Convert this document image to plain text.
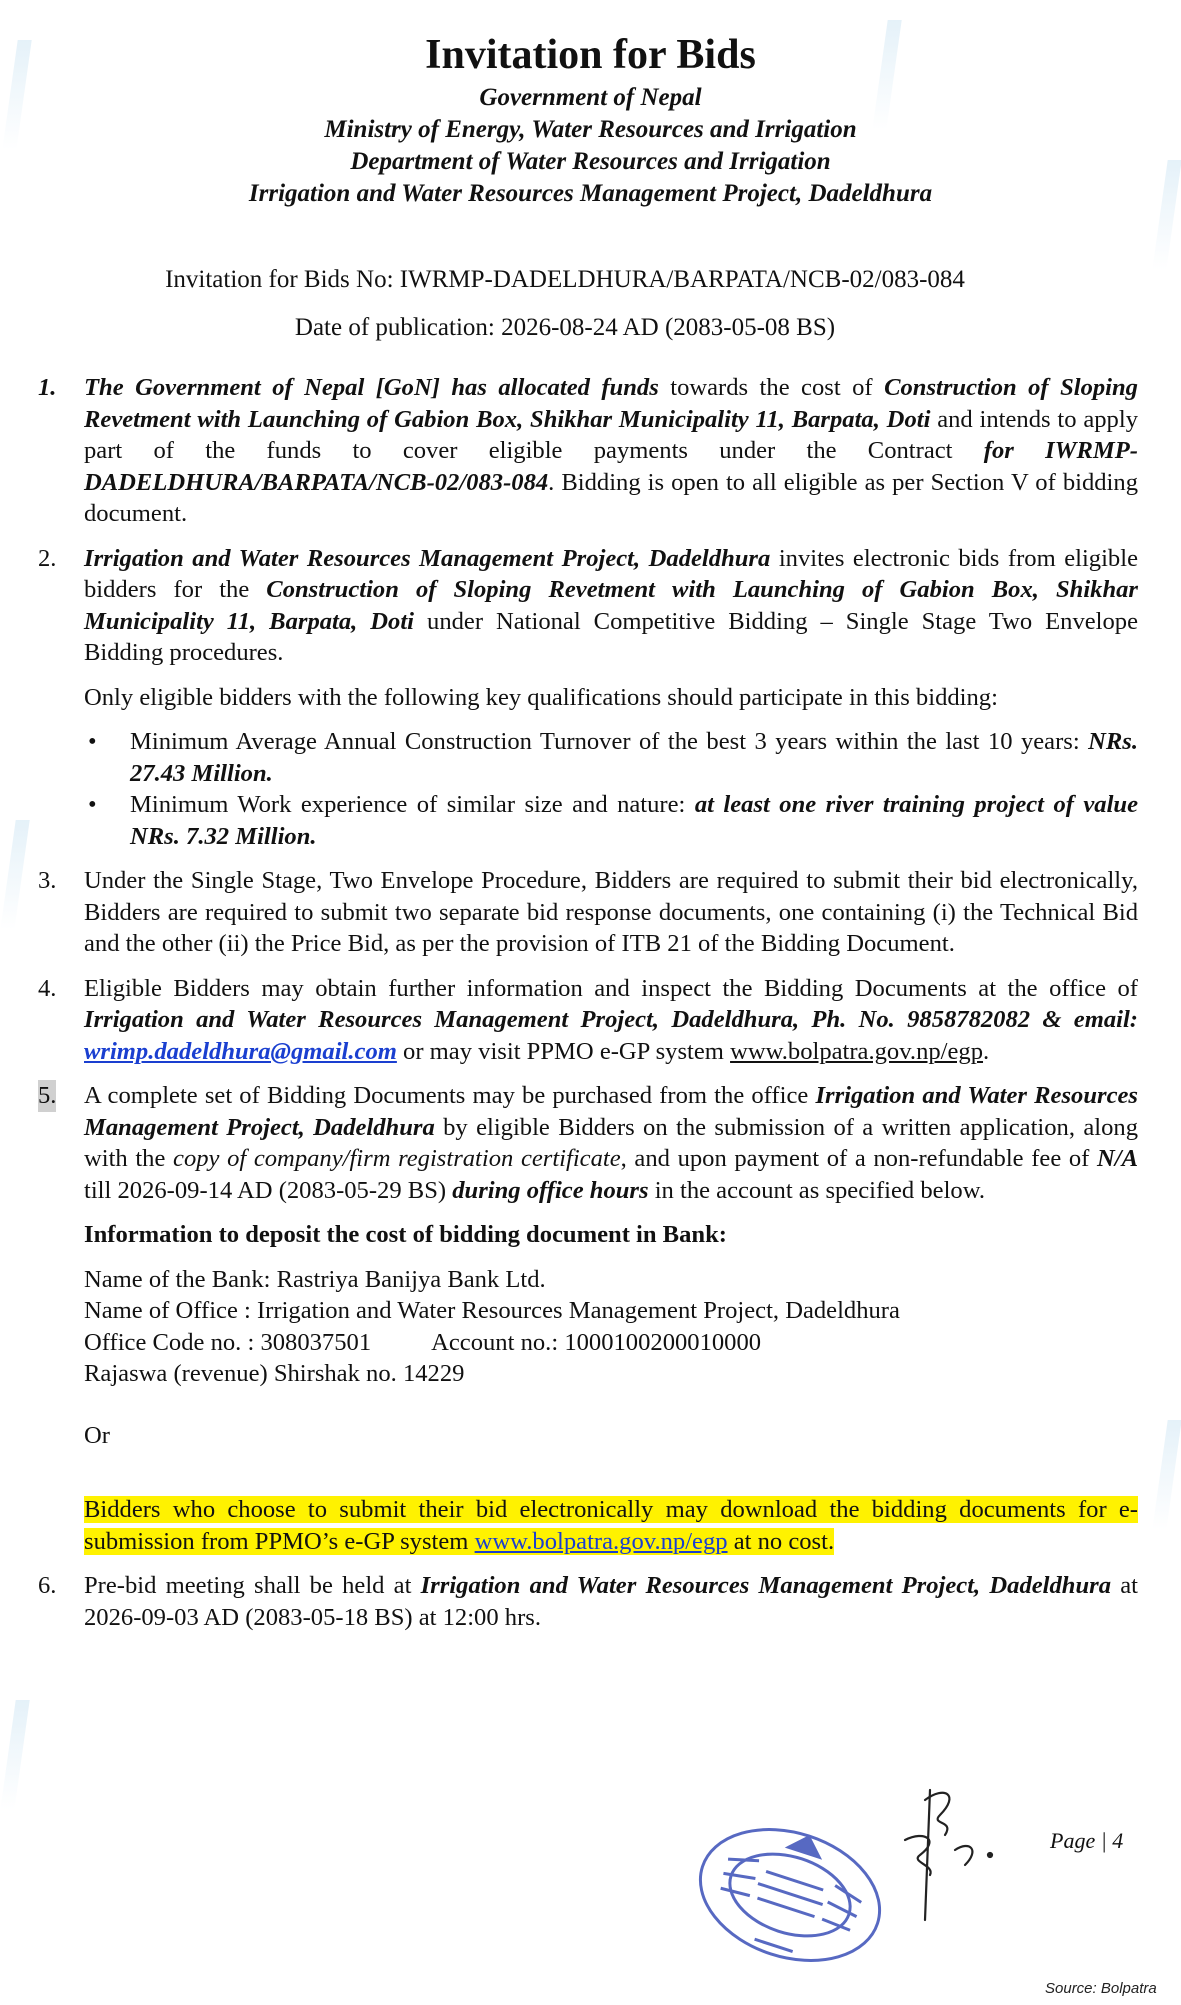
​
Invitation for Bids
Government of Nepal
Ministry of Energy, Water Resources and Irrigation
Department of Water Resources and Irrigation
Irrigation and Water Resources Management Project, Dadeldhura
Invitation for Bids No: IWRMP-DADELDHURA/BARPATA/NCB-02/083-084
Date of publication: 2026-08-24 AD (2083-05-08 BS)
1. The Government of Nepal [GoN] has allocated funds towards the cost of Construction of Sloping Revetment with Launching of Gabion Box, Shikhar Municipality 11, Barpata, Doti and intends to apply part of the funds to cover eligible payments under the Contract for IWRMP-DADELDHURA/BARPATA/NCB-02/083-084. Bidding is open to all eligible as per Section V of bidding document.
2. Irrigation and Water Resources Management Project, Dadeldhura invites electronic bids from eligible bidders for the Construction of Sloping Revetment with Launching of Gabion Box, Shikhar Municipality 11, Barpata, Doti under National Competitive Bidding – Single Stage Two Envelope Bidding procedures.

Only eligible bidders with the following key qualifications should participate in this bidding:

• Minimum Average Annual Construction Turnover of the best 3 years within the last 10 years: NRs. 27.43 Million.
• Minimum Work experience of similar size and nature: at least one river training project of value NRs. 7.32 Million.
3. Under the Single Stage, Two Envelope Procedure, Bidders are required to submit their bid electronically, Bidders are required to submit two separate bid response documents, one containing (i) the Technical Bid and the other (ii) the Price Bid, as per the provision of ITB 21 of the Bidding Document.
4. Eligible Bidders may obtain further information and inspect the Bidding Documents at the office of Irrigation and Water Resources Management Project, Dadeldhura, Ph. No. 9858782082 & email: wrimp.dadeldhura@gmail.com or may visit PPMO e-GP system www.bolpatra.gov.np/egp.
5. A complete set of Bidding Documents may be purchased from the office Irrigation and Water Resources Management Project, Dadeldhura by eligible Bidders on the submission of a written application, along with the copy of company/firm registration certificate, and upon payment of a non-refundable fee of N/A till 2026-09-14 AD (2083-05-29 BS) during office hours in the account as specified below.

Information to deposit the cost of bidding document in Bank:

Name of the Bank: Rastriya Banijya Bank Ltd.
Name of Office : Irrigation and Water Resources Management Project, Dadeldhura
Office Code no. : 308037501 Account no.: 1000100200010000
Rajaswa (revenue) Shirshak no. 14229

Or

Bidders who choose to submit their bid electronically may download the bidding documents for e-submission from PPMO’s e-GP system www.bolpatra.gov.np/egp at no cost.

6. Pre-bid meeting shall be held at Irrigation and Water Resources Management Project, Dadeldhura at 2026-09-03 AD (2083-05-18 BS) at 12:00 hrs.
Page | 4
Source: Bolpatra
